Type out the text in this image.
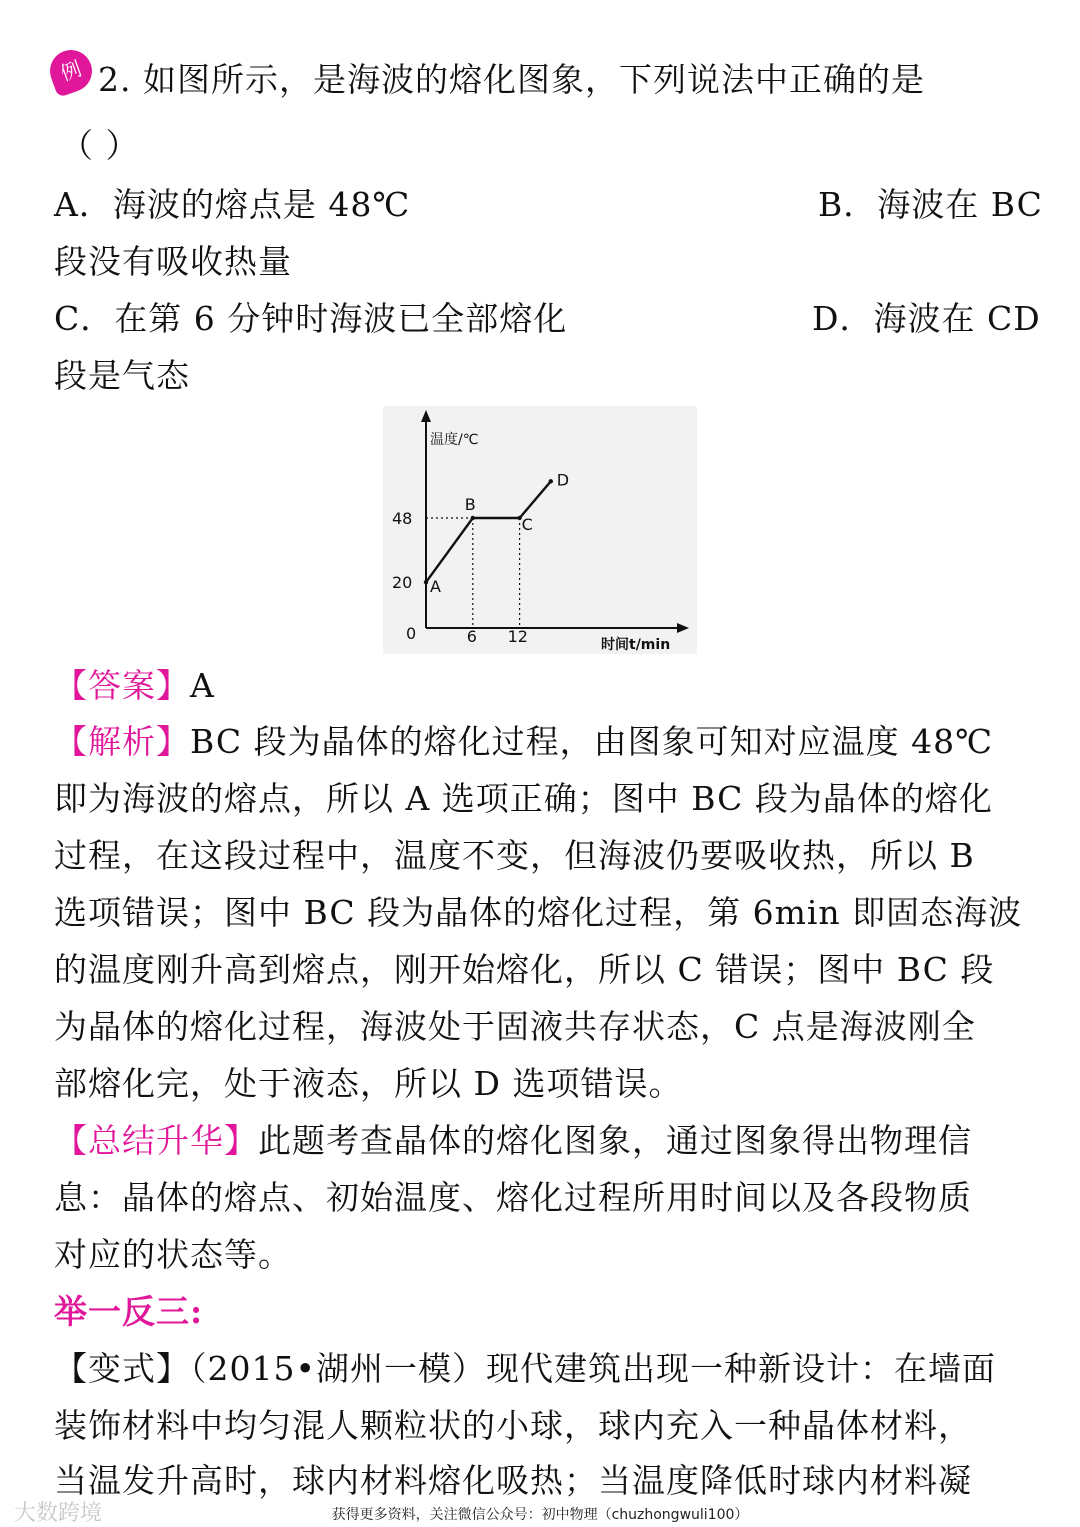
例 2. 如图所示，是海波的熔化图象，下列说法中正确的是
（ ）
A．海波的熔点是 48℃	B．海波在 BC
段没有吸收热量
C．在第 6 分钟时海波已全部熔化	D．海波在 CD
段是气态
温度/℃
时间t/min
0	6 12
20
48
A
B
C
D
【答案】A
【解析】BC 段为晶体的熔化过程，由图象可知对应温度 48℃
即为海波的熔点，所以 A 选项正确；图中 BC 段为晶体的熔化
过程，在这段过程中，温度不变，但海波仍要吸收热，所以 B
选项错误；图中 BC 段为晶体的熔化过程，第 6min 即固态海波
的温度刚升高到熔点，刚开始熔化，所以 C 错误；图中 BC 段
为晶体的熔化过程，海波处于固液共存状态，C 点是海波刚全
部熔化完，处于液态，所以 D 选项错误。
【总结升华】此题考查晶体的熔化图象，通过图象得出物理信
息：晶体的熔点、初始温度、熔化过程所用时间以及各段物质
对应的状态等。
举一反三:
【变式】（2015•湖州一模）现代建筑出现一种新设计：在墙面
装饰材料中均匀混人颗粒状的小球，球内充入一种晶体材料，
当温发升高时，球内材料熔化吸热；当温度降低时球内材料凝
大数跨境	获得更多资料，关注微信公众号：初中物理（chuzhongwuli100）
